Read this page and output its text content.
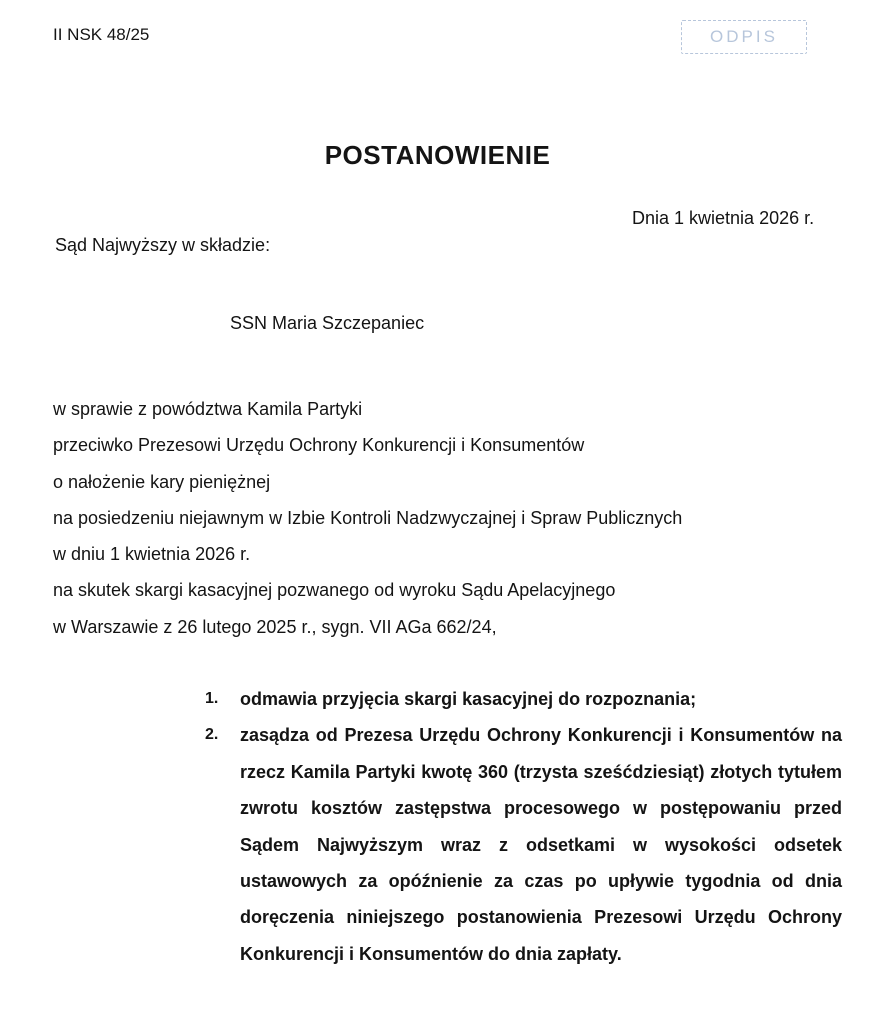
II NSK 48/25	ODPIS
POSTANOWIENIE
Dnia 1 kwietnia 2026 r.
Sąd Najwyższy w składzie:
SSN Maria Szczepaniec
w sprawie z powództwa Kamila Partyki
przeciwko Prezesowi Urzędu Ochrony Konkurencji i Konsumentów
o nałożenie kary pieniężnej
na posiedzeniu niejawnym w Izbie Kontroli Nadzwyczajnej i Spraw Publicznych
w dniu 1 kwietnia 2026 r.
na skutek skargi kasacyjnej pozwanego od wyroku Sądu Apelacyjnego
w Warszawie z 26 lutego 2025 r., sygn. VII AGa 662/24,
1. odmawia przyjęcia skargi kasacyjnej do rozpoznania;
2. zasądza od Prezesa Urzędu Ochrony Konkurencji i Konsumentów na rzecz Kamila Partyki kwotę 360 (trzysta sześćdziesiąt) złotych tytułem zwrotu kosztów zastępstwa procesowego w postępowaniu przed Sądem Najwyższym wraz z odsetkami w wysokości odsetek ustawowych za opóźnienie za czas po upływie tygodnia od dnia doręczenia niniejszego postanowienia Prezesowi Urzędu Ochrony Konkurencji i Konsumentów do dnia zapłaty.
